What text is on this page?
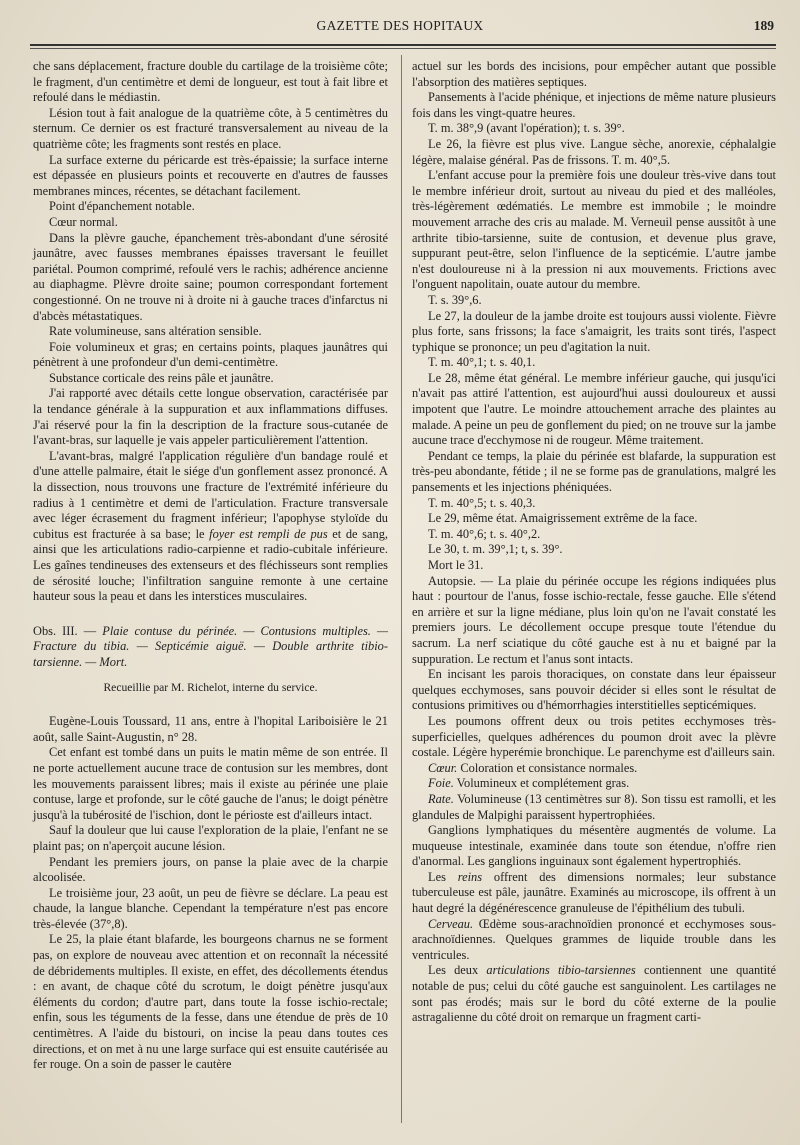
GAZETTE DES HOPITAUX	189

che sans déplacement, fracture double du cartilage de la troisième côte; le fragment, d'un centimètre et demi de longueur, est tout à fait libre et refoulé dans le médiastin.

Lésion tout à fait analogue de la quatrième côte, à 5 centimètres du sternum. Ce dernier os est fracturé transversalement au niveau de la quatrième côte; les fragments sont restés en place.

La surface externe du péricarde est très-épaissie; la surface interne est dépassée en plusieurs points et recouverte en d'autres de fausses membranes minces, récentes, se détachant facilement.

Point d'épanchement notable.

Cœur normal.

Dans la plèvre gauche, épanchement très-abondant d'une sérosité jaunâtre, avec fausses membranes épaisses traversant le feuillet pariétal. Poumon comprimé, refoulé vers le rachis; adhérence ancienne au diaphagme. Plèvre droite saine; poumon correspondant fortement congestionné. On ne trouve ni à droite ni à gauche traces d'infarctus ni d'abcès métastatiques.

Rate volumineuse, sans altération sensible.

Foie volumineux et gras; en certains points, plaques jaunâtres qui pénètrent à une profondeur d'un demi-centimètre.

Substance corticale des reins pâle et jaunâtre.

J'ai rapporté avec détails cette longue observation, caractérisée par la tendance générale à la suppuration et aux inflammations diffuses. J'ai réservé pour la fin la description de la fracture sous-cutanée de l'avant-bras, sur laquelle je vais appeler particulièrement l'attention.

L'avant-bras, malgré l'application régulière d'un bandage roulé et d'une attelle palmaire, était le siége d'un gonflement assez prononcé. A la dissection, nous trouvons une fracture de l'extrémité inférieure du radius à 1 centimètre et demi de l'articulation. Fracture transversale avec léger écrasement du fragment inférieur; l'apophyse styloïde du cubitus est fracturée à sa base; le foyer est rempli de pus et de sang, ainsi que les articulations radio-carpienne et radio-cubitale inférieure. Les gaînes tendineuses des extenseurs et des fléchisseurs sont remplies de sérosité louche; l'infiltration sanguine remonte à une certaine hauteur sous la peau et dans les interstices musculaires.

Obs. III. — Plaie contuse du périnée. — Contusions multiples. — Fracture du tibia. — Septicémie aiguë. — Double arthrite tibio-tarsienne. — Mort.

Recueillie par M. Richelot, interne du service.

Eugène-Louis Toussard, 11 ans, entre à l'hopital Lariboisière le 21 août, salle Saint-Augustin, n° 28.

Cet enfant est tombé dans un puits le matin même de son entrée. Il ne porte actuellement aucune trace de contusion sur les membres, dont les mouvements paraissent libres; mais il existe au périnée une plaie contuse, large et profonde, sur le côté gauche de l'anus; le doigt pénètre jusqu'à la tubérosité de l'ischion, dont le périoste est d'ailleurs intact.

Sauf la douleur que lui cause l'exploration de la plaie, l'enfant ne se plaint pas; on n'aperçoit aucune lésion.

Pendant les premiers jours, on panse la plaie avec de la charpie alcoolisée.

Le troisième jour, 23 août, un peu de fièvre se déclare. La peau est chaude, la langue blanche. Cependant la température n'est pas encore très-élevée (37°,8).

Le 25, la plaie étant blafarde, les bourgeons charnus ne se forment pas, on explore de nouveau avec attention et on reconnaît la nécessité de débridements multiples. Il existe, en effet, des décollements étendus : en avant, de chaque côté du scrotum, le doigt pénètre jusqu'aux éléments du cordon; d'autre part, dans toute la fosse ischio-rectale; enfin, sous les téguments de la fesse, dans une étendue de près de 10 centimètres. A l'aide du bistouri, on incise la peau dans toutes ces directions, et on met à nu une large surface qui est ensuite cautérisée au fer rouge. On a soin de passer le cautère

actuel sur les bords des incisions, pour empêcher autant que possible l'absorption des matières septiques.

Pansements à l'acide phénique, et injections de même nature plusieurs fois dans les vingt-quatre heures.

T. m. 38°,9 (avant l'opération); t. s. 39°.

Le 26, la fièvre est plus vive. Langue sèche, anorexie, céphalalgie légère, malaise général. Pas de frissons. T. m. 40°,5.

L'enfant accuse pour la première fois une douleur très-vive dans tout le membre inférieur droit, surtout au niveau du pied et des malléoles, très-légèrement œdématiés. Le membre est immobile ; le moindre mouvement arrache des cris au malade. M. Verneuil pense aussitôt à une arthrite tibio-tarsienne, suite de contusion, et devenue plus grave, suppurant peut-être, selon l'influence de la septicémie. L'autre jambe n'est douloureuse ni à la pression ni aux mouvements. Frictions avec l'onguent napolitain, ouate autour du membre.

T. s. 39°,6.

Le 27, la douleur de la jambe droite est toujours aussi violente. Fièvre plus forte, sans frissons; la face s'amaigrit, les traits sont tirés, l'aspect typhique se prononce; un peu d'agitation la nuit.

T. m. 40°,1; t. s. 40,1.

Le 28, même état général. Le membre inférieur gauche, qui jusqu'ici n'avait pas attiré l'attention, est aujourd'hui aussi douloureux et aussi impotent que l'autre. Le moindre attouchement arrache des plaintes au malade. A peine un peu de gonflement du pied; on ne trouve sur la jambe aucune trace d'ecchymose ni de rougeur. Même traitement.

Pendant ce temps, la plaie du périnée est blafarde, la suppuration est très-peu abondante, fétide ; il ne se forme pas de granulations, malgré les pansements et les injections phéniquées.

T. m. 40°,5; t. s. 40,3.

Le 29, même état. Amaigrissement extrême de la face.

T. m. 40°,6; t. s. 40°,2.

Le 30, t. m. 39°,1; t, s. 39°.

Mort le 31.

Autopsie. — La plaie du périnée occupe les régions indiquées plus haut : pourtour de l'anus, fosse ischio-rectale, fesse gauche. Elle s'étend en arrière et sur la ligne médiane, plus loin qu'on ne l'avait constaté les premiers jours. Le décollement occupe presque toute l'étendue du sacrum. La nerf sciatique du côté gauche est à nu et baigné par la suppuration. Le rectum et l'anus sont intacts.

En incisant les parois thoraciques, on constate dans leur épaisseur quelques ecchymoses, sans pouvoir décider si elles sont le résultat de contusions primitives ou d'hémorrhagies interstitielles septicémiques.

Les poumons offrent deux ou trois petites ecchymoses très-superficielles, quelques adhérences du poumon droit avec la plèvre costale. Légère hyperémie bronchique. Le parenchyme est d'ailleurs sain.

Cœur. Coloration et consistance normales.

Foie. Volumineux et complétement gras.

Rate. Volumineuse (13 centimètres sur 8). Son tissu est ramolli, et les glandules de Malpighi paraissent hypertrophiées.

Ganglions lymphatiques du mésentère augmentés de volume. La muqueuse intestinale, examinée dans toute son étendue, n'offre rien d'anormal. Les ganglions inguinaux sont également hypertrophiés.

Les reins offrent des dimensions normales; leur substance tuberculeuse est pâle, jaunâtre. Examinés au microscope, ils offrent à un haut degré la dégénérescence granuleuse de l'épithélium des tubuli.

Cerveau. Œdème sous-arachnoïdien prononcé et ecchymoses sous-arachnoïdiennes. Quelques grammes de liquide trouble dans les ventricules.

Les deux articulations tibio-tarsiennes contiennent une quantité notable de pus; celui du côté gauche est sanguinolent. Les cartilages ne sont pas érodés; mais sur le bord du côté externe de la poulie astragalienne du côté droit on remarque un fragment carti-
